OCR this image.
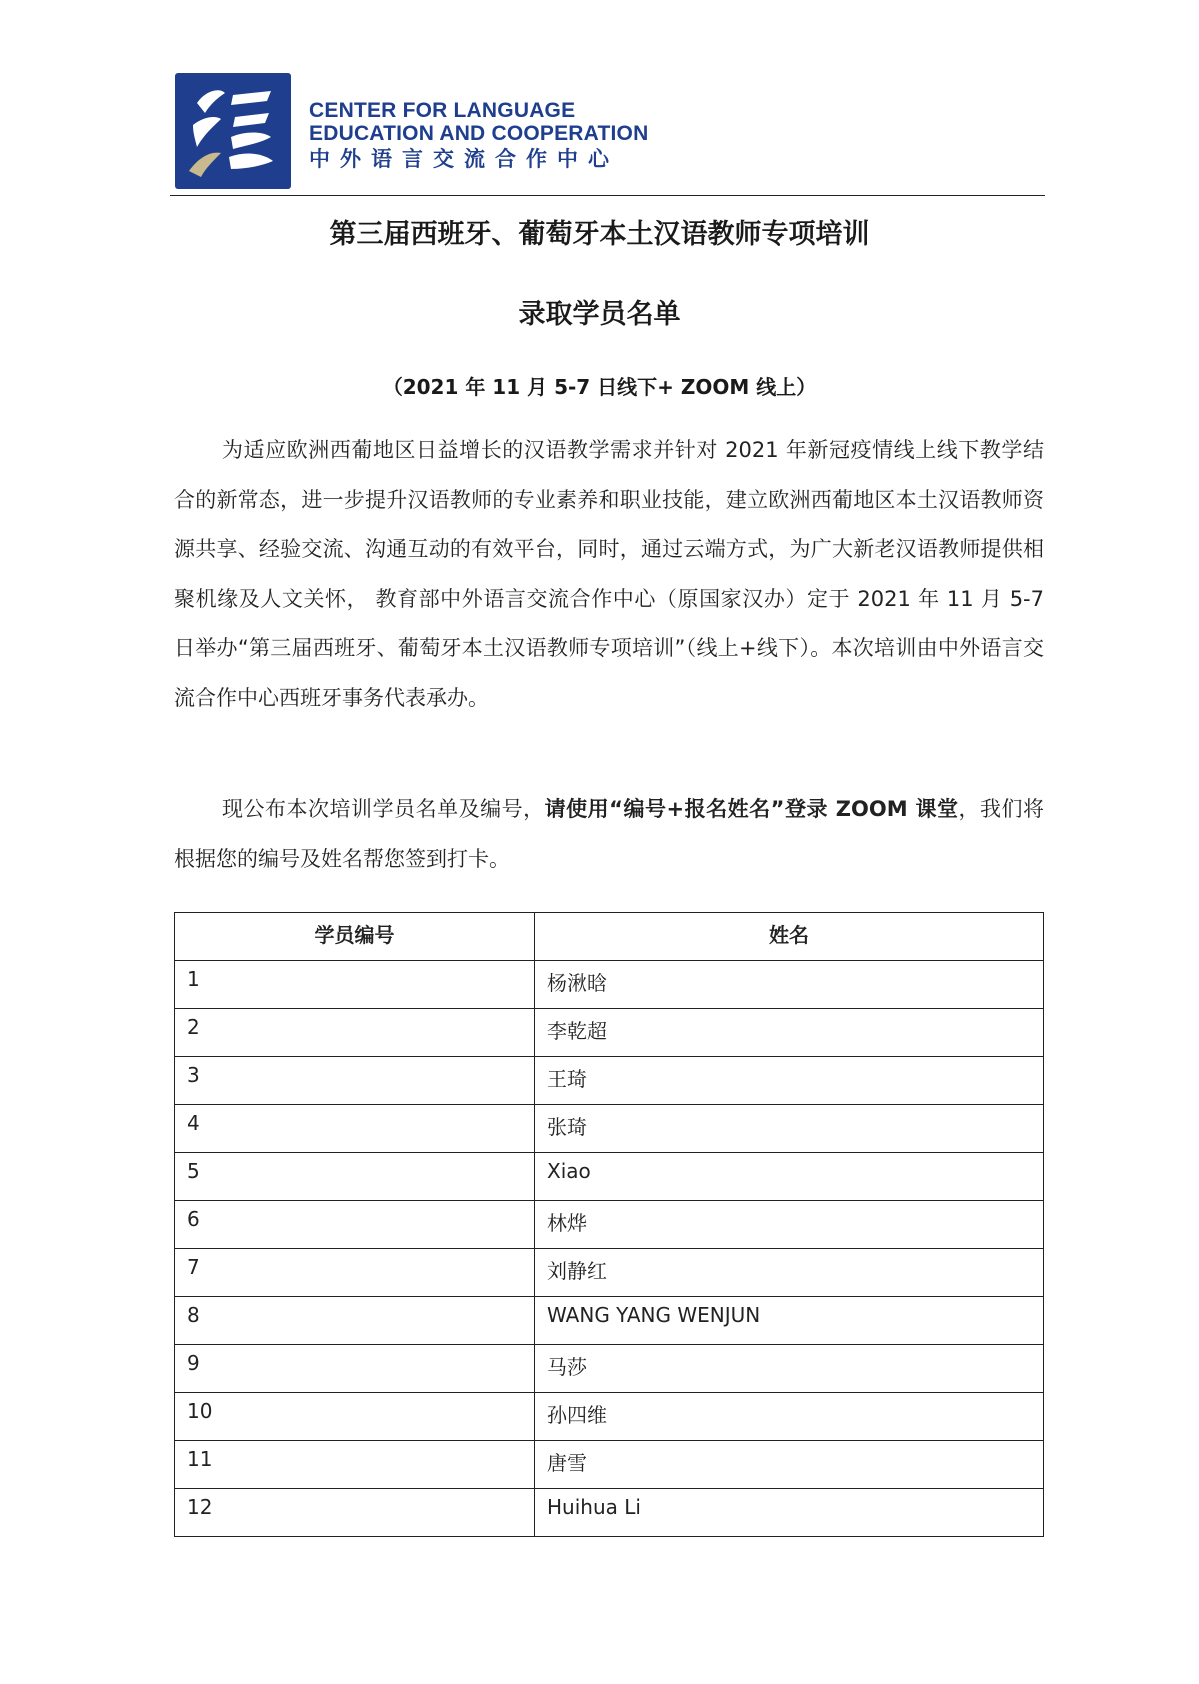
CENTER FOR LANGUAGE
EDUCATION AND COOPERATION
中外语言交流合作中心
第三届西班牙、葡萄牙本土汉语教师专项培训
录取学员名单
（2021 年 11 月 5-7 日线下+ ZOOM 线上）
为适应欧洲西葡地区日益增长的汉语教学需求并针对 2021 年新冠疫情线上线下教学结合的新常态，进一步提升汉语教师的专业素养和职业技能，建立欧洲西葡地区本土汉语教师资源共享、经验交流、沟通互动的有效平台，同时，通过云端方式，为广大新老汉语教师提供相聚机缘及人文关怀， 教育部中外语言交流合作中心（原国家汉办）定于 2021 年 11 月 5-7 日举办“第三届西班牙、葡萄牙本土汉语教师专项培训”（线上+线下）。本次培训由中外语言交流合作中心西班牙事务代表承办。
现公布本次培训学员名单及编号，请使用“编号+报名姓名”登录 ZOOM 课堂，我们将根据您的编号及姓名帮您签到打卡。
学员编号	姓名
1	杨湫晗
2	李乾超
3	王琦
4	张琦
5	Xiao
6	林烨
7	刘静红
8	WANG YANG WENJUN
9	马莎
10	孙四维
11	唐雪
12	Huihua Li
